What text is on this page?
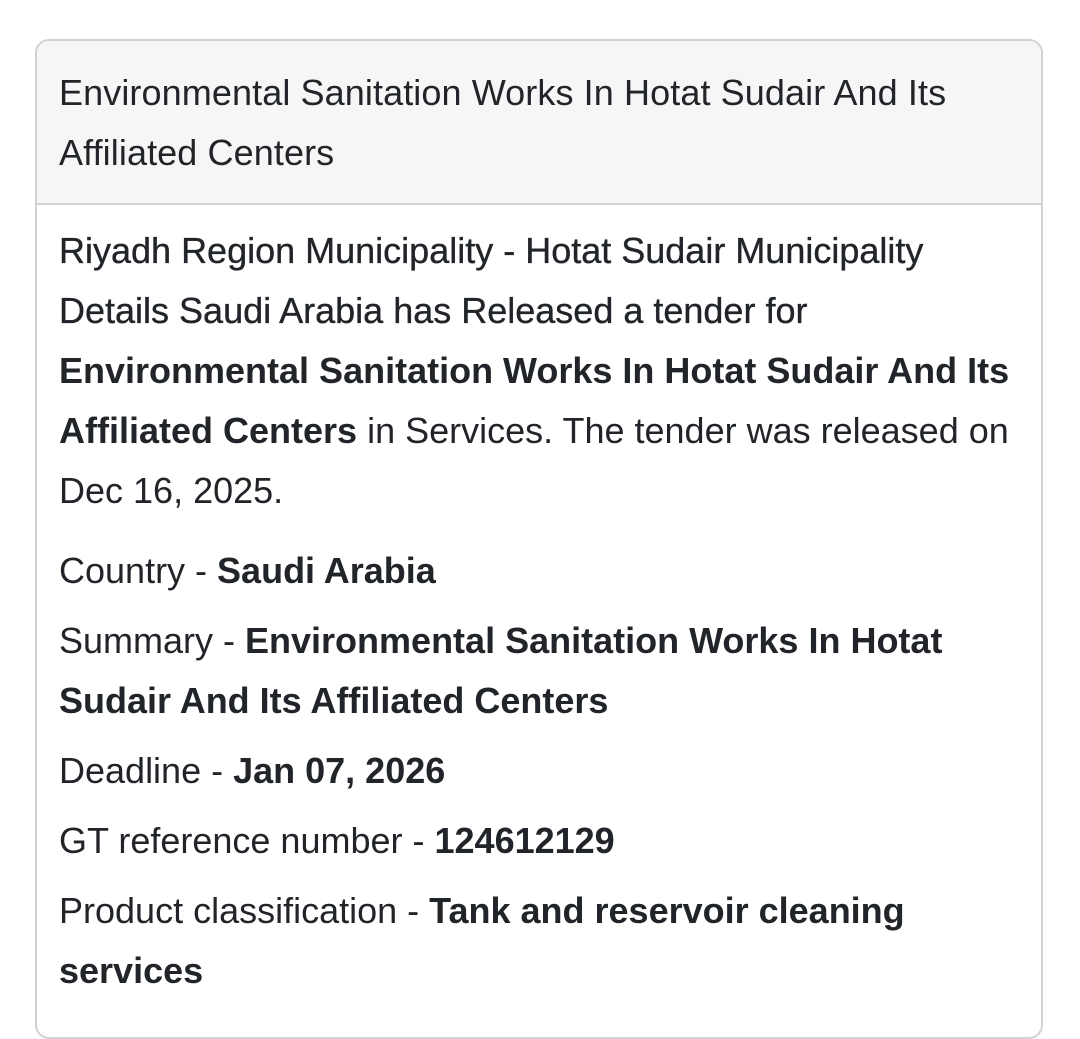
Environmental Sanitation Works In Hotat Sudair And Its Affiliated Centers

Riyadh Region Municipality - Hotat Sudair Municipality Details Saudi Arabia has Released a tender for Environmental Sanitation Works In Hotat Sudair And Its Affiliated Centers in Services. The tender was released on Dec 16, 2025.

Country - Saudi Arabia

Summary - Environmental Sanitation Works In Hotat Sudair And Its Affiliated Centers

Deadline - Jan 07, 2026

GT reference number - 124612129

Product classification - Tank and reservoir cleaning services
